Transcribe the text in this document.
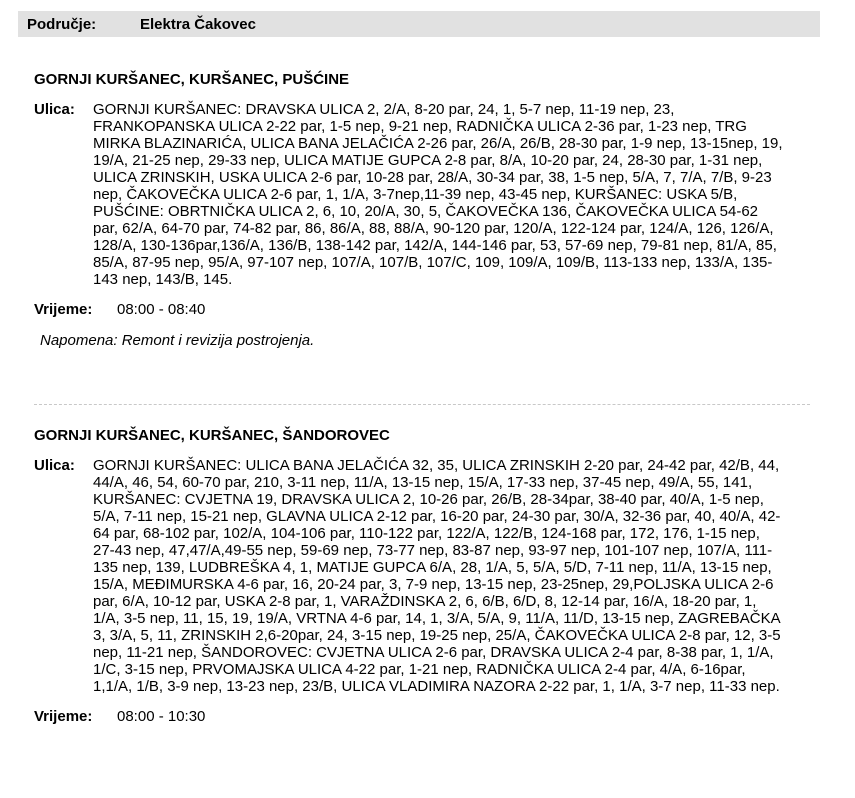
Područje:	Elektra Čakovec
GORNJI KURŠANEC, KURŠANEC, PUŠĆINE
Ulica:	GORNJI KURŠANEC: DRAVSKA ULICA 2, 2/A, 8-20 par, 24, 1, 5-7 nep, 11-19 nep, 23, FRANKOPANSKA ULICA 2-22 par, 1-5 nep, 9-21 nep, RADNIČKA ULICA 2-36 par, 1-23 nep, TRG MIRKA BLAZINARIĆA, ULICA BANA JELAČIĆA 2-26 par, 26/A, 26/B, 28-30 par, 1-9 nep, 13-15nep, 19, 19/A, 21-25 nep, 29-33 nep, ULICA MATIJE GUPCA 2-8 par, 8/A, 10-20 par, 24, 28-30 par, 1-31 nep, ULICA ZRINSKIH, USKA ULICA 2-6 par, 10-28 par, 28/A, 30-34 par, 38, 1-5 nep, 5/A, 7, 7/A, 7/B, 9-23 nep, ČAKOVEČKA ULICA 2-6 par, 1, 1/A, 3-7nep,11-39 nep, 43-45 nep, KURŠANEC: USKA 5/B, PUŠĆINE: OBRTNIČKA ULICA 2, 6, 10, 20/A, 30, 5, ČAKOVEČKA 136, ČAKOVEČKA ULICA 54-62 par, 62/A, 64-70 par, 74-82 par, 86, 86/A, 88, 88/A, 90-120 par, 120/A, 122-124 par, 124/A, 126, 126/A, 128/A, 130-136par,136/A, 136/B, 138-142 par, 142/A, 144-146 par, 53, 57-69 nep, 79-81 nep, 81/A, 85, 85/A, 87-95 nep, 95/A, 97-107 nep, 107/A, 107/B, 107/C, 109, 109/A, 109/B, 113-133 nep, 133/A, 135-143 nep, 143/B, 145.
Vrijeme:	08:00 - 08:40
Napomena: Remont i revizija postrojenja.
GORNJI KURŠANEC, KURŠANEC, ŠANDOROVEC
Ulica:	GORNJI KURŠANEC: ULICA BANA JELAČIĆA 32, 35, ULICA ZRINSKIH 2-20 par, 24-42 par, 42/B, 44, 44/A, 46, 54, 60-70 par, 210, 3-11 nep, 11/A, 13-15 nep, 15/A, 17-33 nep, 37-45 nep, 49/A, 55, 141, KURŠANEC: CVJETNA 19, DRAVSKA ULICA 2, 10-26 par, 26/B, 28-34par, 38-40 par, 40/A, 1-5 nep, 5/A, 7-11 nep, 15-21 nep, GLAVNA ULICA 2-12 par, 16-20 par, 24-30 par, 30/A, 32-36 par, 40, 40/A, 42-64 par, 68-102 par, 102/A, 104-106 par, 110-122 par, 122/A, 122/B, 124-168 par, 172, 176, 1-15 nep, 27-43 nep, 47,47/A,49-55 nep, 59-69 nep, 73-77 nep, 83-87 nep, 93-97 nep, 101-107 nep, 107/A, 111-135 nep, 139, LUDBREŠKA 4, 1, MATIJE GUPCA 6/A, 28, 1/A, 5, 5/A, 5/D, 7-11 nep, 11/A, 13-15 nep, 15/A, MEĐIMURSKA 4-6 par, 16, 20-24 par, 3, 7-9 nep, 13-15 nep, 23-25nep, 29,POLJSKA ULICA 2-6 par, 6/A, 10-12 par, USKA 2-8 par, 1, VARAŽDINSKA 2, 6, 6/B, 6/D, 8, 12-14 par, 16/A, 18-20 par, 1, 1/A, 3-5 nep, 11, 15, 19, 19/A, VRTNA 4-6 par, 14, 1, 3/A, 5/A, 9, 11/A, 11/D, 13-15 nep, ZAGREBAČKA 3, 3/A, 5, 11, ZRINSKIH 2,6-20par, 24, 3-15 nep, 19-25 nep, 25/A, ČAKOVEČKA ULICA 2-8 par, 12, 3-5 nep, 11-21 nep, ŠANDOROVEC: CVJETNA ULICA 2-6 par, DRAVSKA ULICA 2-4 par, 8-38 par, 1, 1/A, 1/C, 3-15 nep, PRVOMAJSKA ULICA 4-22 par, 1-21 nep, RADNIČKA ULICA 2-4 par, 4/A, 6-16par, 1,1/A, 1/B, 3-9 nep, 13-23 nep, 23/B, ULICA VLADIMIRA NAZORA 2-22 par, 1, 1/A, 3-7 nep, 11-33 nep.
Vrijeme:	08:00 - 10:30
